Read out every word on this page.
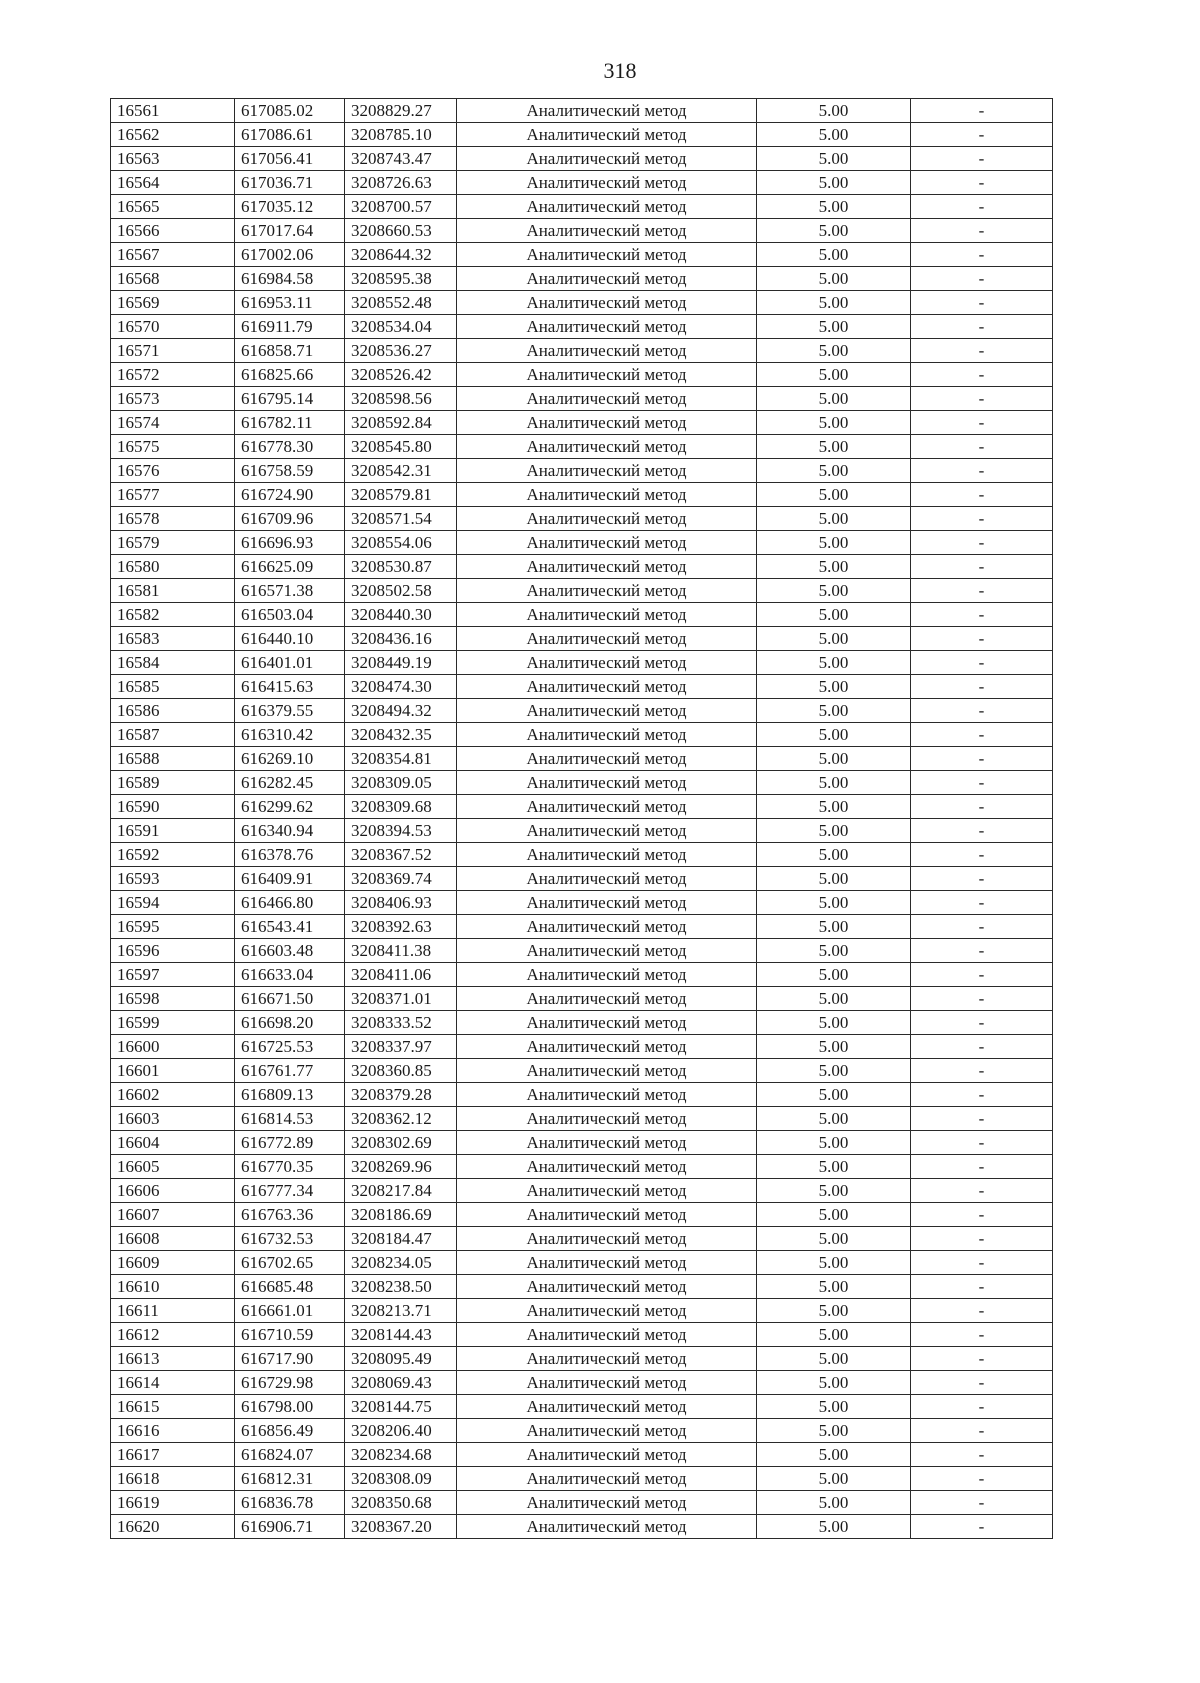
318
16561	617085.02	3208829.27	Аналитический метод	5.00	-
16562	617086.61	3208785.10	Аналитический метод	5.00	-
16563	617056.41	3208743.47	Аналитический метод	5.00	-
16564	617036.71	3208726.63	Аналитический метод	5.00	-
16565	617035.12	3208700.57	Аналитический метод	5.00	-
16566	617017.64	3208660.53	Аналитический метод	5.00	-
16567	617002.06	3208644.32	Аналитический метод	5.00	-
16568	616984.58	3208595.38	Аналитический метод	5.00	-
16569	616953.11	3208552.48	Аналитический метод	5.00	-
16570	616911.79	3208534.04	Аналитический метод	5.00	-
16571	616858.71	3208536.27	Аналитический метод	5.00	-
16572	616825.66	3208526.42	Аналитический метод	5.00	-
16573	616795.14	3208598.56	Аналитический метод	5.00	-
16574	616782.11	3208592.84	Аналитический метод	5.00	-
16575	616778.30	3208545.80	Аналитический метод	5.00	-
16576	616758.59	3208542.31	Аналитический метод	5.00	-
16577	616724.90	3208579.81	Аналитический метод	5.00	-
16578	616709.96	3208571.54	Аналитический метод	5.00	-
16579	616696.93	3208554.06	Аналитический метод	5.00	-
16580	616625.09	3208530.87	Аналитический метод	5.00	-
16581	616571.38	3208502.58	Аналитический метод	5.00	-
16582	616503.04	3208440.30	Аналитический метод	5.00	-
16583	616440.10	3208436.16	Аналитический метод	5.00	-
16584	616401.01	3208449.19	Аналитический метод	5.00	-
16585	616415.63	3208474.30	Аналитический метод	5.00	-
16586	616379.55	3208494.32	Аналитический метод	5.00	-
16587	616310.42	3208432.35	Аналитический метод	5.00	-
16588	616269.10	3208354.81	Аналитический метод	5.00	-
16589	616282.45	3208309.05	Аналитический метод	5.00	-
16590	616299.62	3208309.68	Аналитический метод	5.00	-
16591	616340.94	3208394.53	Аналитический метод	5.00	-
16592	616378.76	3208367.52	Аналитический метод	5.00	-
16593	616409.91	3208369.74	Аналитический метод	5.00	-
16594	616466.80	3208406.93	Аналитический метод	5.00	-
16595	616543.41	3208392.63	Аналитический метод	5.00	-
16596	616603.48	3208411.38	Аналитический метод	5.00	-
16597	616633.04	3208411.06	Аналитический метод	5.00	-
16598	616671.50	3208371.01	Аналитический метод	5.00	-
16599	616698.20	3208333.52	Аналитический метод	5.00	-
16600	616725.53	3208337.97	Аналитический метод	5.00	-
16601	616761.77	3208360.85	Аналитический метод	5.00	-
16602	616809.13	3208379.28	Аналитический метод	5.00	-
16603	616814.53	3208362.12	Аналитический метод	5.00	-
16604	616772.89	3208302.69	Аналитический метод	5.00	-
16605	616770.35	3208269.96	Аналитический метод	5.00	-
16606	616777.34	3208217.84	Аналитический метод	5.00	-
16607	616763.36	3208186.69	Аналитический метод	5.00	-
16608	616732.53	3208184.47	Аналитический метод	5.00	-
16609	616702.65	3208234.05	Аналитический метод	5.00	-
16610	616685.48	3208238.50	Аналитический метод	5.00	-
16611	616661.01	3208213.71	Аналитический метод	5.00	-
16612	616710.59	3208144.43	Аналитический метод	5.00	-
16613	616717.90	3208095.49	Аналитический метод	5.00	-
16614	616729.98	3208069.43	Аналитический метод	5.00	-
16615	616798.00	3208144.75	Аналитический метод	5.00	-
16616	616856.49	3208206.40	Аналитический метод	5.00	-
16617	616824.07	3208234.68	Аналитический метод	5.00	-
16618	616812.31	3208308.09	Аналитический метод	5.00	-
16619	616836.78	3208350.68	Аналитический метод	5.00	-
16620	616906.71	3208367.20	Аналитический метод	5.00	-
